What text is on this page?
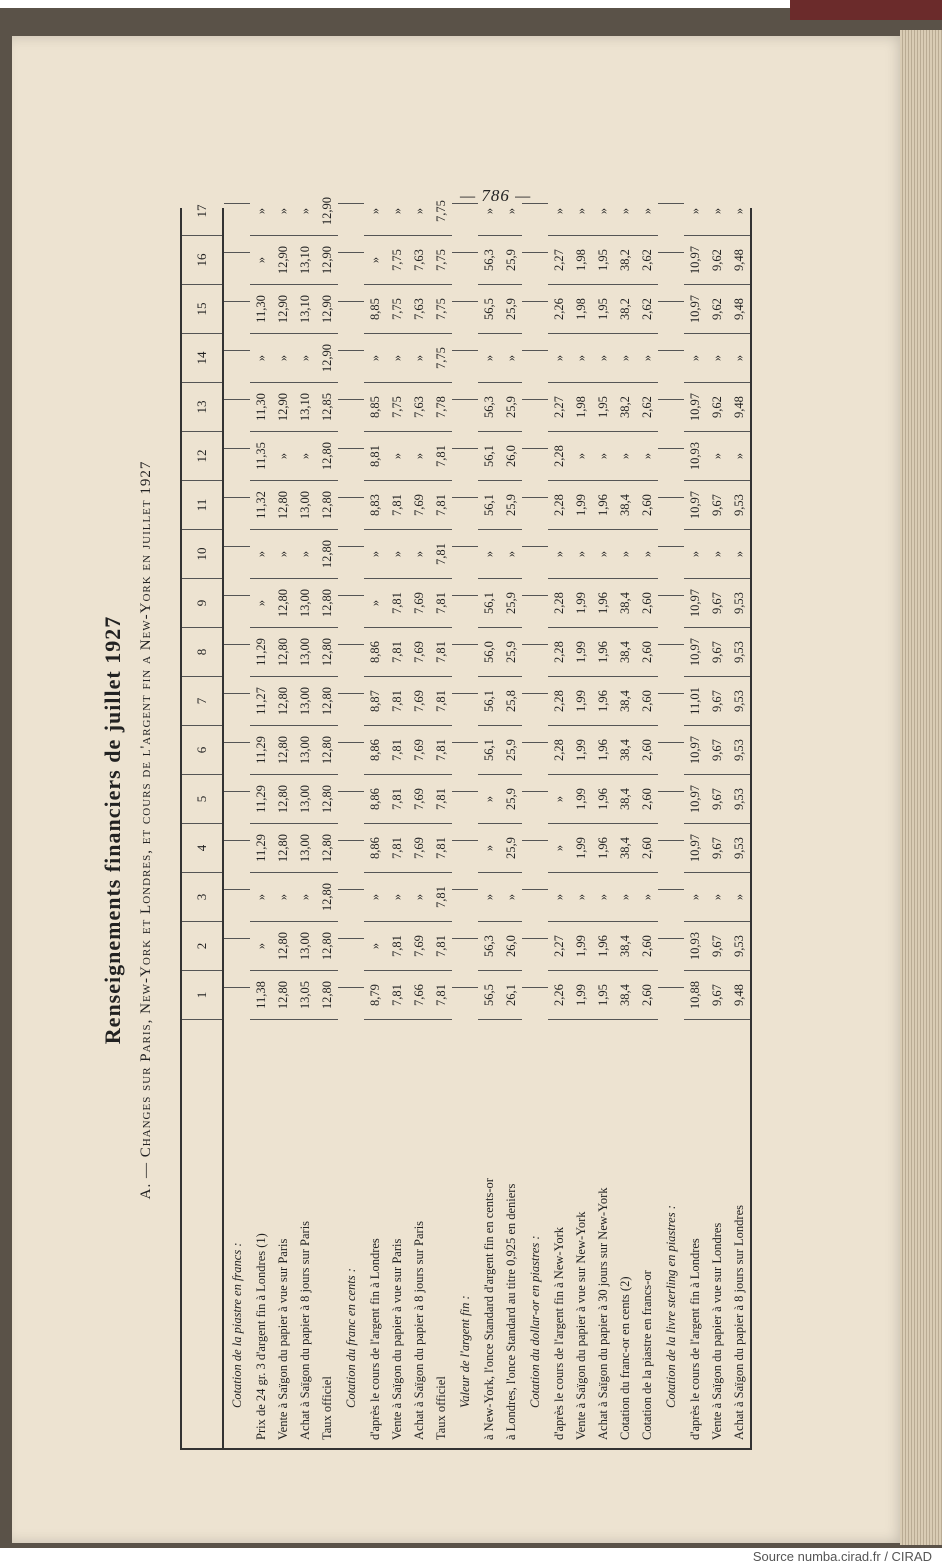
— 786 —
Renseignements financiers de juillet 1927 A. — Changes sur Paris, New-York et Londres, et cours de l'argent fin a New-York en juillet 1927	1
2
3
4
5
6
7
8
9
10
11
12
13
14
15
16
17
Cotation de la piastre en francs : Prix de 24 gr. 3 d'argent fin à Londres (1)
11,38
»
»
11,29
11,29
11,29
11,27
11,29
»
»
11,32
11,35
11,30
»
11,30
»
»
Vente à Saïgon du papier à vue sur Paris
12,80
12,80
»
12,80
12,80
12,80
12,80
12,80
12,80
»
12,80
»
12,90
»
12,90
12,90
»
Achat à Saïgon du papier à 8 jours sur Paris
13,05
13,00
»
13,00
13,00
13,00
13,00
13,00
13,00
»
13,00
»
13,10
»
13,10
13,10
»
Taux officiel
12,80
12,80
12,80
12,80
12,80
12,80
12,80
12,80
12,80
12,80
12,80
12,80
12,85
12,90
12,90
12,90
12,90
Cotation du franc en cents : d'après le cours de l'argent fin à Londres
8,79
»
»
8,86
8,86
8,86
8,87
8,86
»
»
8,83
8,81
8,85
»
8,85
»
»
Vente à Saïgon du papier à vue sur Paris
7,81
7,81
»
7,81
7,81
7,81
7,81
7,81
7,81
»
7,81
»
7,75
»
7,75
7,75
»
Achat à Saïgon du papier à 8 jours sur Paris
7,66
7,69
»
7,69
7,69
7,69
7,69
7,69
7,69
»
7,69
»
7,63
»
7,63
7,63
»
Taux officiel
7,81
7,81
7,81
7,81
7,81
7,81
7,81
7,81
7,81
7,81
7,81
7,81
7,78
7,75
7,75
7,75
7,75
Valeur de l'argent fin : à New-York, l'once Standard d'argent fin en cents-or
56,5
56,3
»
»
»
56,1
56,1
56,0
56,1
»
56,1
56,1
56,3
»
56,5
56,3
»
à Londres, l'once Standard au titre 0,925 en deniers
26,1
26,0
»
25,9
25,9
25,9
25,8
25,9
25,9
»
25,9
26,0
25,9
»
25,9
25,9
»
Cotation du dollar-or en piastres : d'après le cours de l'argent fin à New-York
2,26
2,27
»
»
»
2,28
2,28
2,28
2,28
»
2,28
2,28
2,27
»
2,26
2,27
»
Vente à Saïgon du papier à vue sur New-York
1,99
1,99
»
1,99
1,99
1,99
1,99
1,99
1,99
»
1,99
»
1,98
»
1,98
1,98
»
Achat à Saïgon du papier à 30 jours sur New-York
1,95
1,96
»
1,96
1,96
1,96
1,96
1,96
1,96
»
1,96
»
1,95
»
1,95
1,95
»
Cotation du franc-or en cents (2)
38,4
38,4
»
38,4
38,4
38,4
38,4
38,4
38,4
»
38,4
»
38,2
»
38,2
38,2
»
Cotation de la piastre en francs-or
2,60
2,60
»
2,60
2,60
2,60
2,60
2,60
2,60
»
2,60
»
2,62
»
2,62
2,62
»
Cotation de la livre sterling en piastres : d'après le cours de l'argent fin à Londres
10,88
10,93
»
10,97
10,97
10,97
11,01
10,97
10,97
»
10,97
10,93
10,97
»
10,97
10,97
»
Vente à Saïgon du papier à vue sur Londres
9,67
9,67
»
9,67
9,67
9,67
9,67
9,67
9,67
»
9,67
»
9,62
»
9,62
9,62
»
Achat à Saïgon du papier à 8 jours sur Londres
9,48
9,53
»
9,53
9,53
9,53
9,53
9,53
9,53
»
9,53
»
9,48
»
9,48
9,48
»
Source numba.cirad.fr / CIRAD
